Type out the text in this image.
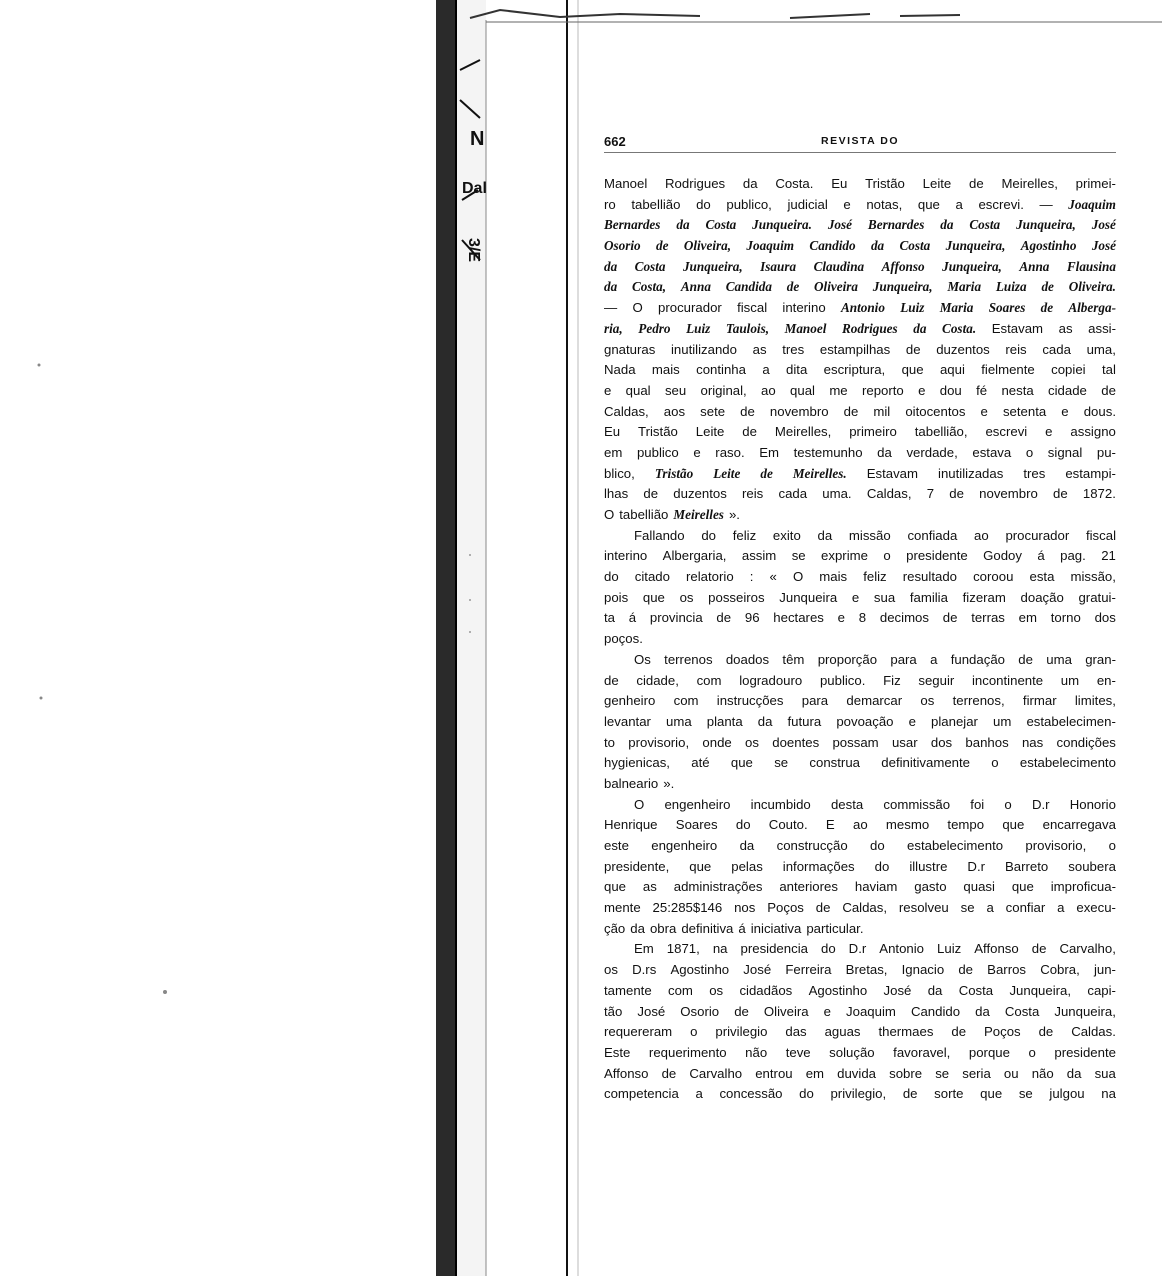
N
Dal
3/E
662	REVISTA DO
Manoel Rodrigues da Costa. Eu Tristão Leite de Meirelles, primei-
ro tabellião do publico, judicial e notas, que a escrevi. — Joaquim
Bernardes da Costa Junqueira. José Bernardes da Costa Junqueira, José
Osorio de Oliveira, Joaquim Candido da Costa Junqueira, Agostinho José
da Costa Junqueira, Isaura Claudina Affonso Junqueira, Anna Flausina
da Costa, Anna Candida de Oliveira Junqueira, Maria Luiza de Oliveira.
— O procurador fiscal interino Antonio Luiz Maria Soares de Alberga-
ria, Pedro Luiz Taulois, Manoel Rodrigues da Costa. Estavam as assi-
gnaturas inutilizando as tres estampilhas de duzentos reis cada uma,
Nada mais continha a dita escriptura, que aqui fielmente copiei tal
e qual seu original, ao qual me reporto e dou fé nesta cidade de
Caldas, aos sete de novembro de mil oitocentos e setenta e dous.
Eu Tristão Leite de Meirelles, primeiro tabellião, escrevi e assigno
em publico e raso. Em testemunho da verdade, estava o signal pu-
blico, Tristão Leite de Meirelles. Estavam inutilizadas tres estampi-
lhas de duzentos reis cada uma. Caldas, 7 de novembro de 1872.
O tabellião Meirelles ».
Fallando do feliz exito da missão confiada ao procurador fiscal
interino Albergaria, assim se exprime o presidente Godoy á pag. 21
do citado relatorio : « O mais feliz resultado coroou esta missão,
pois que os posseiros Junqueira e sua familia fizeram doação gratui-
ta á provincia de 96 hectares e 8 decimos de terras em torno dos
poços.
Os terrenos doados têm proporção para a fundação de uma gran-
de cidade, com logradouro publico. Fiz seguir incontinente um en-
genheiro com instrucções para demarcar os terrenos, firmar limites,
levantar uma planta da futura povoação e planejar um estabelecimen-
to provisorio, onde os doentes possam usar dos banhos nas condições
hygienicas, até que se construa definitivamente o estabelecimento
balneario ».
O engenheiro incumbido desta commissão foi o D.r Honorio
Henrique Soares do Couto. E ao mesmo tempo que encarregava
este engenheiro da construcção do estabelecimento provisorio, o
presidente, que pelas informações do illustre D.r Barreto soubera
que as administrações anteriores haviam gasto quasi que improficua-
mente 25:285$146 nos Poços de Caldas, resolveu se a confiar a execu-
ção da obra definitiva á iniciativa particular.
Em 1871, na presidencia do D.r Antonio Luiz Affonso de Carvalho,
os D.rs Agostinho José Ferreira Bretas, Ignacio de Barros Cobra, jun-
tamente com os cidadãos Agostinho José da Costa Junqueira, capi-
tão José Osorio de Oliveira e Joaquim Candido da Costa Junqueira,
requereram o privilegio das aguas thermaes de Poços de Caldas.
Este requerimento não teve solução favoravel, porque o presidente
Affonso de Carvalho entrou em duvida sobre se seria ou não da sua
competencia a concessão do privilegio, de sorte que se julgou na
